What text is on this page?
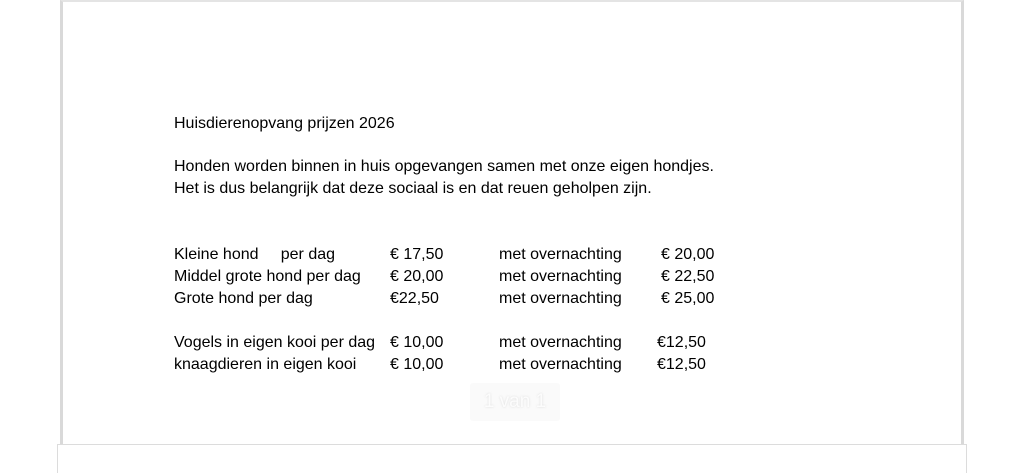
Huisdierenopvang prijzen 2026
Honden worden binnen in huis opgevangen samen met onze eigen hondjes.
Het is dus belangrijk dat deze sociaal is en dat reuen geholpen zijn.
Kleine hond     per dag	€ 17,50	met overnachting € 20,00
Middel grote hond per dag € 20,00	met overnachting € 22,50
Grote hond per dag	€22,50	met overnachting € 25,00
Vogels in eigen kooi per dag € 10,00	met overnachting €12,50
knaagdieren in eigen kooi € 10,00	met overnachting €12,50
1 van 1
